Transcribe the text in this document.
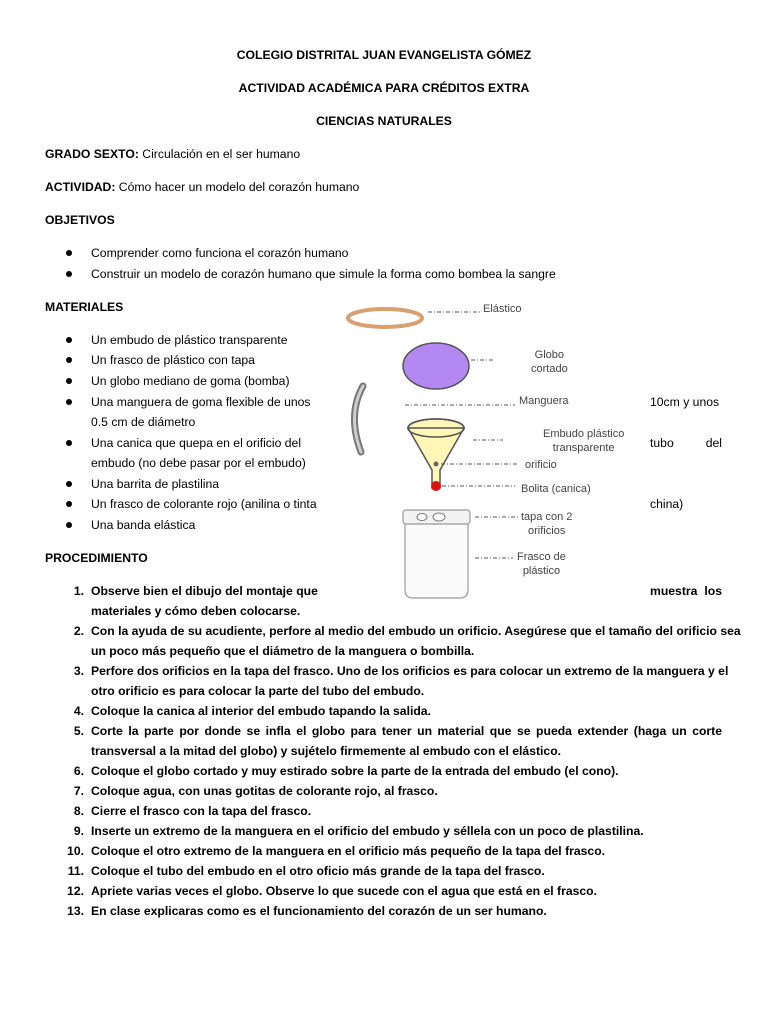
COLEGIO DISTRITAL JUAN EVANGELISTA GÓMEZ
ACTIVIDAD ACADÉMICA PARA CRÉDITOS EXTRA
CIENCIAS NATURALES
GRADO SEXTO: Circulación en el ser humano
ACTIVIDAD: Cómo hacer un modelo del corazón humano
OBJETIVOS
Comprender como funciona el corazón humano
Construir un modelo de corazón humano que simule la forma como bombea la sangre
MATERIALES
Un embudo de plástico transparente
Un frasco de plástico con tapa
Un globo mediano de goma (bomba)
Una manguera de goma flexible de unos	10cm y unos
0.5 cm de diámetro
Una canica que quepa en el orificio del	tubo del
embudo (no debe pasar por el embudo)
Una barrita de plastilina
Un frasco de colorante rojo (anilina o tinta	china)
Una banda elástica
Elástico
Globo
cortado
Manguera
Embudo plástico
transparente
orificio
Bolita (canica)
tapa con 2
orificios
Frasco de
plástico
PROCEDIMIENTO
1. Observe bien el dibujo del montaje que	muestra los
materiales y cómo deben colocarse.
2. Con la ayuda de su acudiente, perfore al medio del embudo un orificio. Asegúrese que el tamaño del orificio sea
un poco más pequeño que el diámetro de la manguera o bombilla.
3. Perfore dos orificios en la tapa del frasco. Uno de los orificios es para colocar un extremo de la manguera y el
otro orificio es para colocar la parte del tubo del embudo.
4. Coloque la canica al interior del embudo tapando la salida.
5. Corte la parte por donde se infla el globo para tener un material que se pueda extender (haga un corte
transversal a la mitad del globo) y sujételo firmemente al embudo con el elástico.
6. Coloque el globo cortado y muy estirado sobre la parte de la entrada del embudo (el cono).
7. Coloque agua, con unas gotitas de colorante rojo, al frasco.
8. Cierre el frasco con la tapa del frasco.
9. Inserte un extremo de la manguera en el orificio del embudo y séllela con un poco de plastilina.
10. Coloque el otro extremo de la manguera en el orificio más pequeño de la tapa del frasco.
11. Coloque el tubo del embudo en el otro oficio más grande de la tapa del frasco.
12. Apriete varias veces el globo. Observe lo que sucede con el agua que está en el frasco.
13. En clase explicaras como es el funcionamiento del corazón de un ser humano.
